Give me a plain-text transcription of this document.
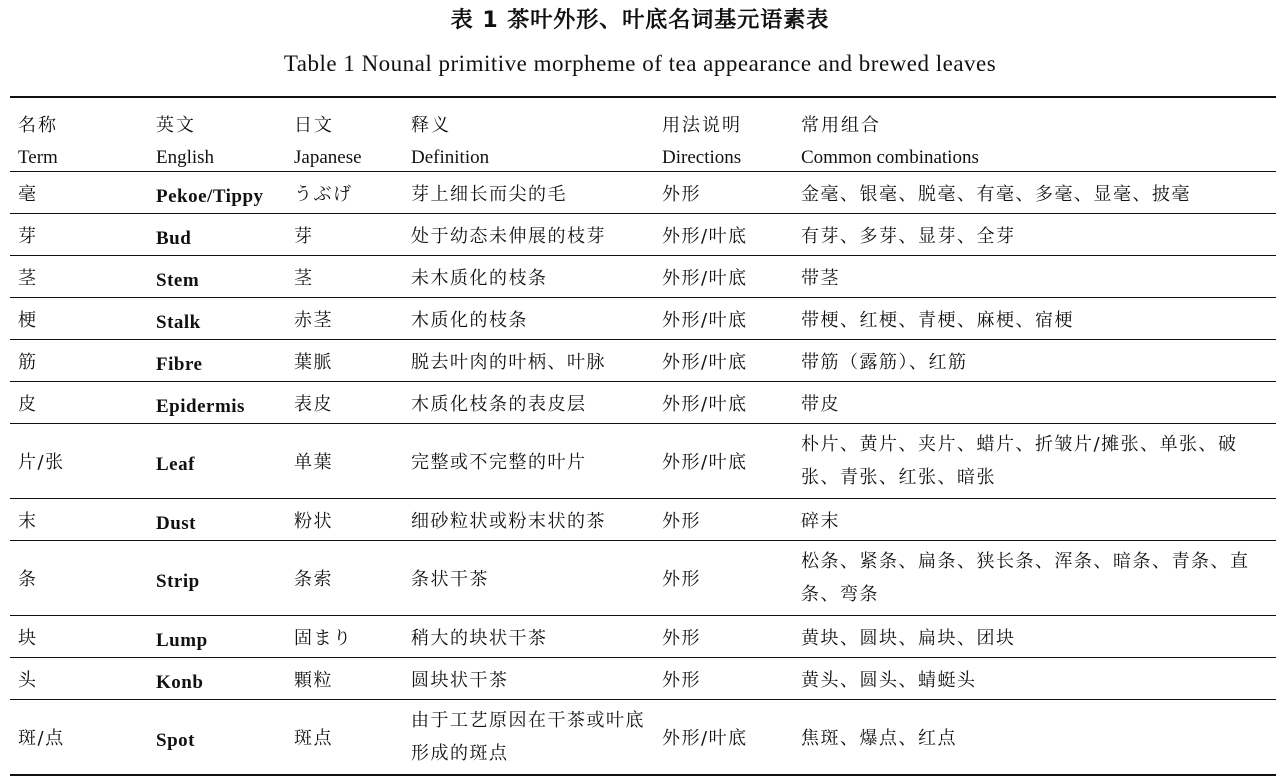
表 1 茶叶外形、叶底名词基元语素表
Table 1 Nounal primitive morpheme of tea appearance and brewed leaves
名称	英文	日文	释义	用法说明	常用组合
Term	English	Japanese	Definition	Directions	Common combinations
毫	Pekoe/Tippy	うぶげ	芽上细长而尖的毛	外形	金毫、银毫、脱毫、有毫、多毫、显毫、披毫
芽	Bud	芽	处于幼态未伸展的枝芽	外形/叶底	有芽、多芽、显芽、全芽
茎	Stem	茎	未木质化的枝条	外形/叶底	带茎
梗	Stalk	赤茎	木质化的枝条	外形/叶底	带梗、红梗、青梗、麻梗、宿梗
筋	Fibre	葉脈	脱去叶肉的叶柄、叶脉	外形/叶底	带筋（露筋）、红筋
皮	Epidermis	表皮	木质化枝条的表皮层	外形/叶底	带皮
片/张	Leaf	单葉	完整或不完整的叶片	外形/叶底	朴片、黄片、夹片、蜡片、折皱片/摊张、单张、破张、青张、红张、暗张
末	Dust	粉状	细砂粒状或粉末状的茶	外形	碎末
条	Strip	条索	条状干茶	外形	松条、紧条、扁条、狭长条、浑条、暗条、青条、直条、弯条
块	Lump	固まり	稍大的块状干茶	外形	黄块、圆块、扁块、团块
头	Konb	顆粒	圆块状干茶	外形	黄头、圆头、蜻蜓头
斑/点	Spot	斑点	由于工艺原因在干茶或叶底形成的斑点	外形/叶底	焦斑、爆点、红点
